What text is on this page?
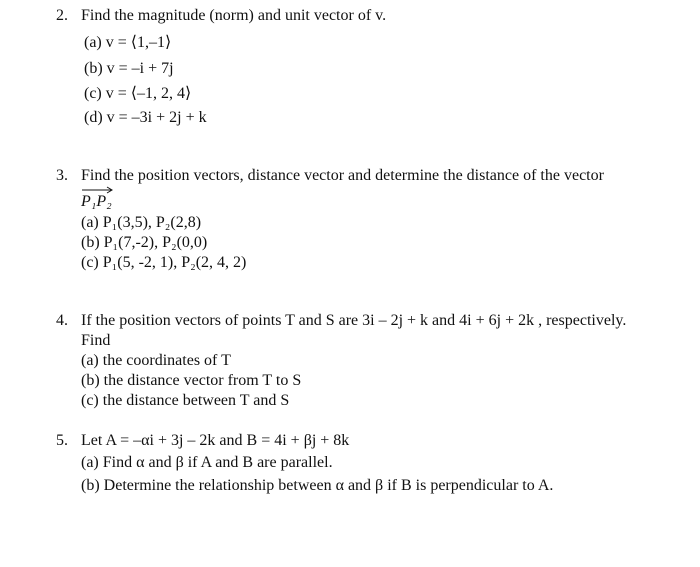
2. Find the magnitude (norm) and unit vector of v.
(a) v = ⟨1,–1⟩
(b) v = –i + 7j
(c) v = ⟨–1, 2, 4⟩
(d) v = –3i + 2j + k
3. Find the position vectors, distance vector and determine the distance of the vector
P₁P₂
(a) P₁(3,5), P₂(2,8)
(b) P₁(7,-2), P₂(0,0)
(c) P₁(5, -2, 1), P₂(2, 4, 2)
4. If the position vectors of points T and S are 3i – 2j + k and 4i + 6j + 2k , respectively.
Find
(a) the coordinates of T
(b) the distance vector from T to S
(c) the distance between T and S
5. Let A = –αi + 3j – 2k and B = 4i + βj + 8k
(a) Find α and β if A and B are parallel.
(b) Determine the relationship between α and β if B is perpendicular to A.
